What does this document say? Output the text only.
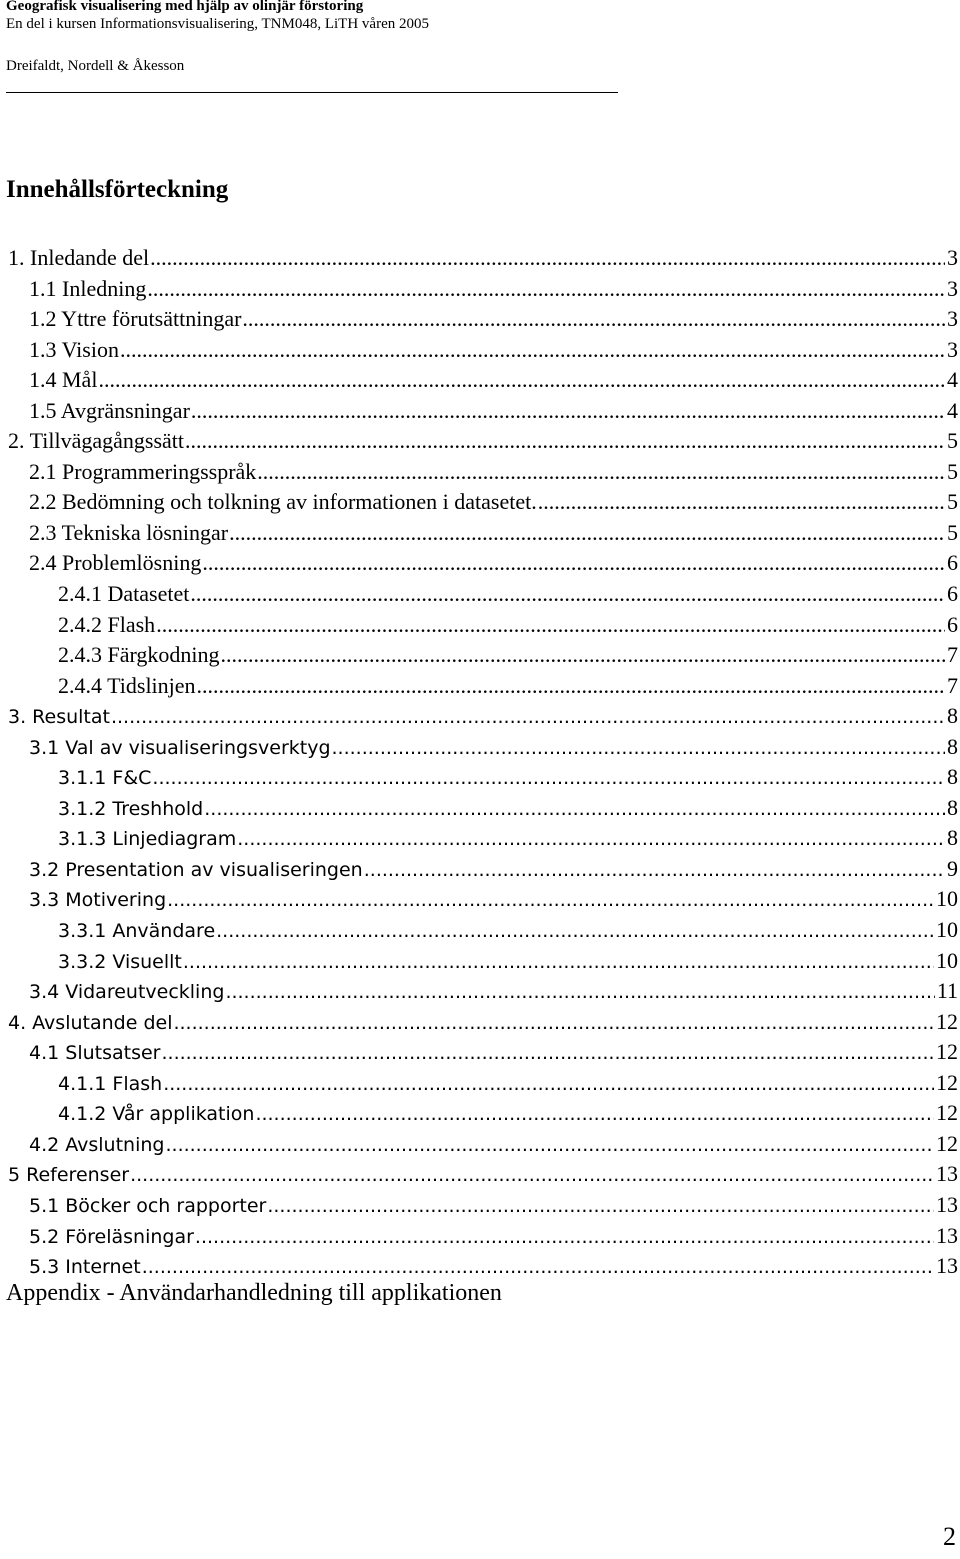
Geografisk visualisering med hjälp av olinjär förstoring
En del i kursen Informationsvisualisering, TNM048, LiTH våren 2005
Dreifaldt, Nordell & Åkesson
Innehållsförteckning
1. Inledande del .....	3
1.1 Inledning .....	3
1.2 Yttre förutsättningar .....	3
1.3 Vision .....	3
1.4 Mål .....	4
1.5 Avgränsningar .....	4
2. Tillvägagångssätt .....	5
2.1 Programmeringsspråk .....	5
2.2 Bedömning och tolkning av informationen i datasetet. .....	5
2.3 Tekniska lösningar .....	5
2.4 Problemlösning .....	6
2.4.1 Datasetet .....	6
2.4.2 Flash .....	6
2.4.3 Färgkodning .....	7
2.4.4 Tidslinjen .....	7
3. Resultat .....	8
3.1 Val av visualiseringsverktyg .....	8
3.1.1 F&C .....	8
3.1.2 Treshhold .....	8
3.1.3 Linjediagram .....	8
3.2 Presentation av visualiseringen .....	9
3.3 Motivering .....	10
3.3.1 Användare .....	10
3.3.2 Visuellt .....	10
3.4 Vidareutveckling .....	11
4. Avslutande del .....	12
4.1 Slutsatser .....	12
4.1.1 Flash .....	12
4.1.2 Vår applikation .....	12
4.2 Avslutning .....	12
5 Referenser .....	13
5.1 Böcker och rapporter .....	13
5.2 Föreläsningar .....	13
5.3 Internet .....	13
Appendix - Användarhandledning till applikationen
2
